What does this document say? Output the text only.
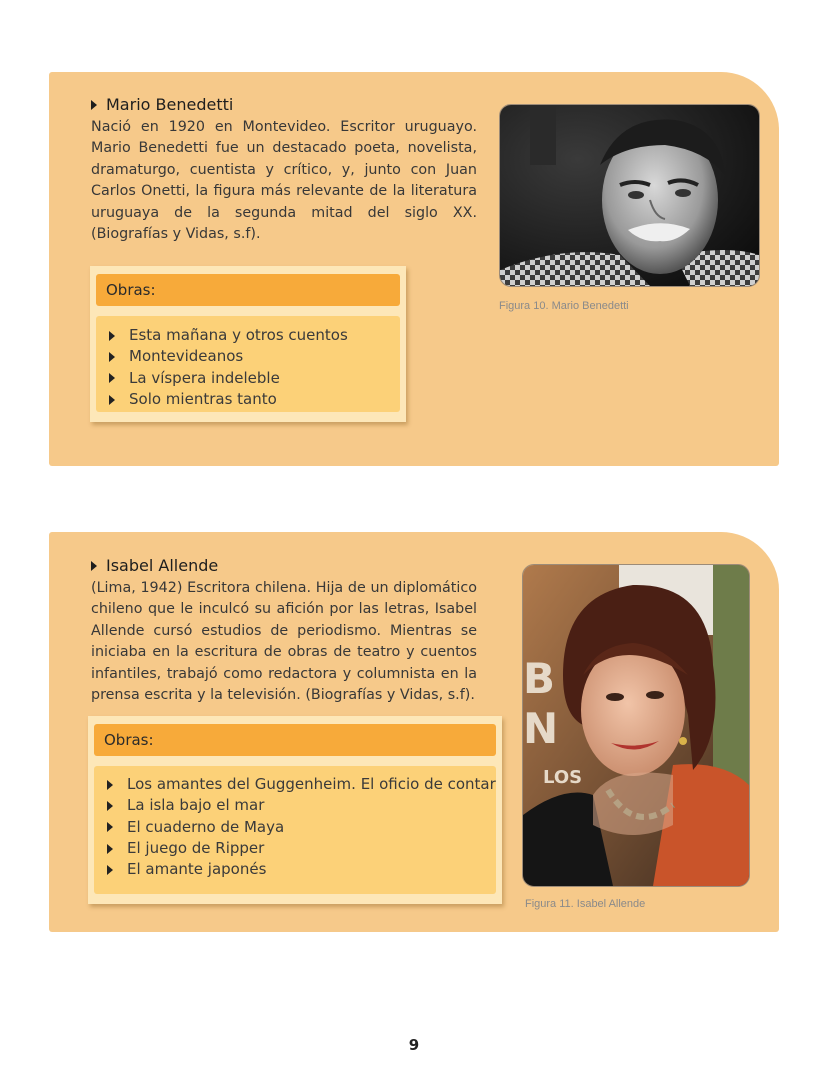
Mario Benedetti

Nació en 1920 en Montevideo. Escritor uruguayo. Mario Benedetti fue un destacado poeta, novelista, dramaturgo, cuentista y crítico, y, junto con Juan Carlos Onetti, la figura más relevante de la literatura uruguaya de la segunda mitad del siglo XX. (Biografías y Vidas, s.f).

Obras:
Esta mañana y otros cuentos
Montevideanos
La víspera indeleble
Solo mientras tanto
Figura 10. Mario Benedetti
Isabel Allende

(Lima, 1942) Escritora chilena. Hija de un diplomático chileno que le inculcó su afición por las letras, Isabel Allende cursó estudios de periodismo. Mientras se iniciaba en la escritura de obras de teatro y cuentos infantiles, trabajó como redactora y columnista en la prensa escrita y la televisión. (Biografías y Vidas, s.f).

Obras:
Los amantes del Guggenheim. El oficio de contar
La isla bajo el mar
El cuaderno de Maya
El juego de Ripper
El amante japonés
B
N
LOS
Figura 11. Isabel Allende
9
